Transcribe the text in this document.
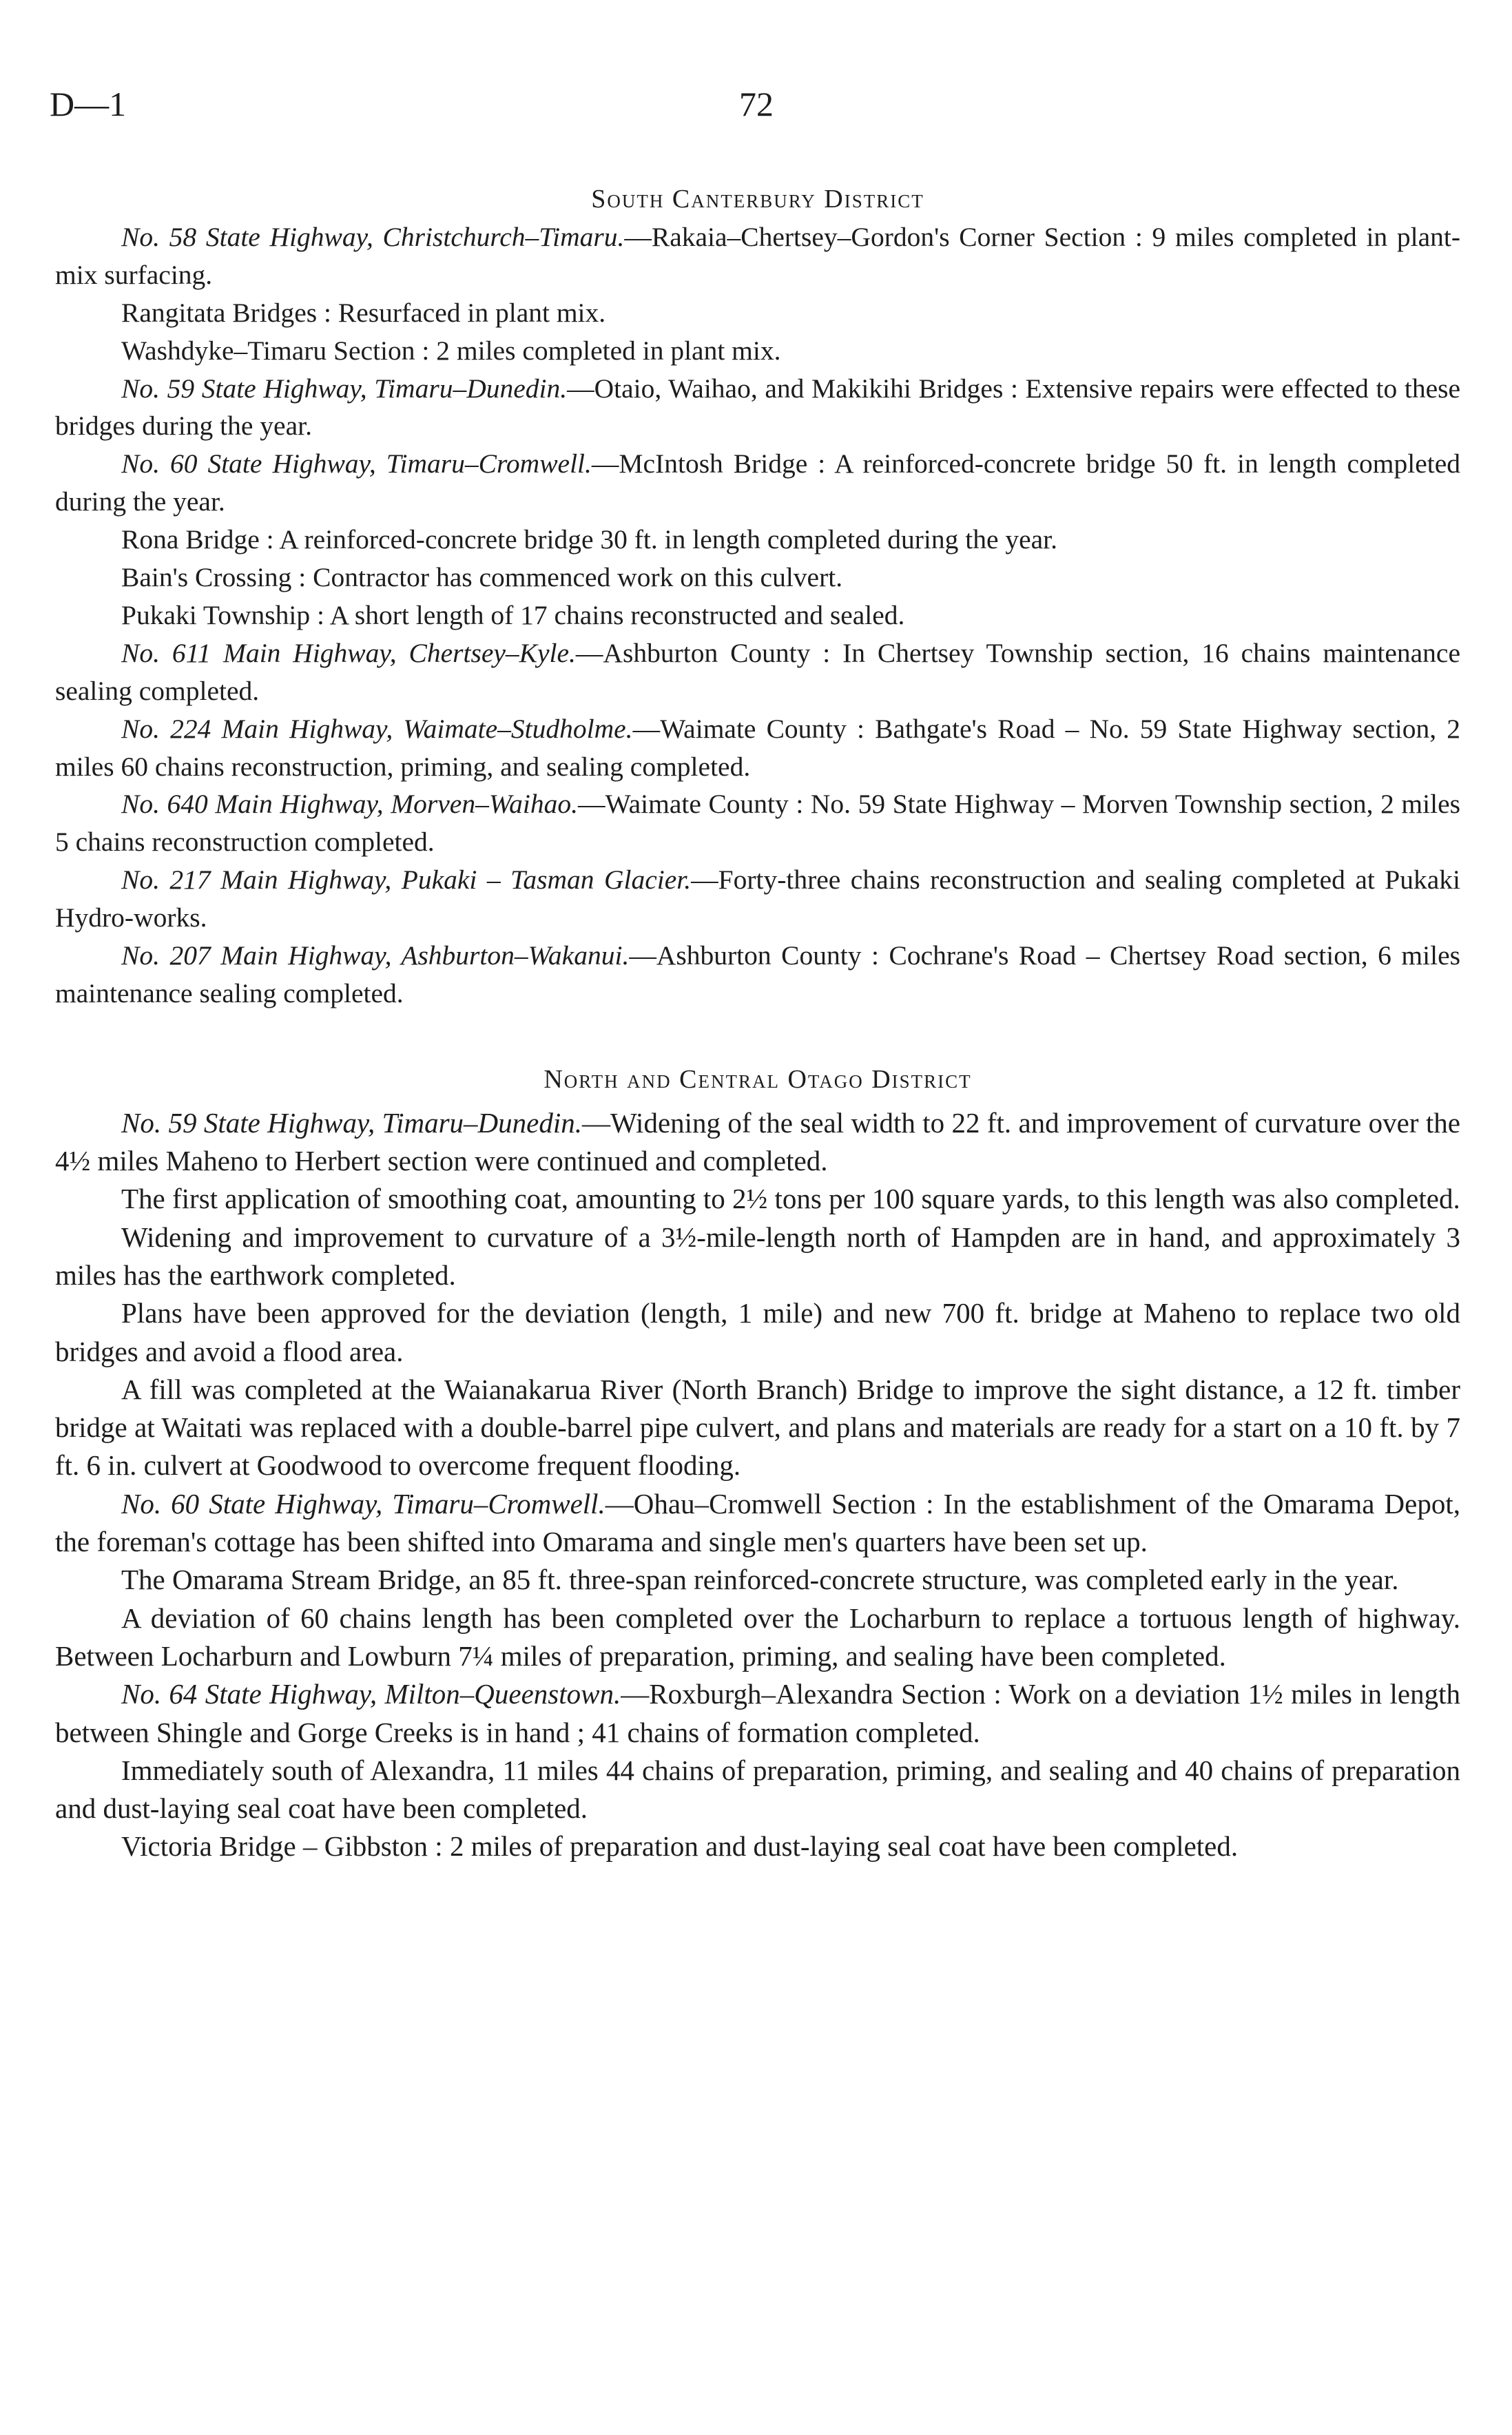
D—1	72
South Canterbury District

No. 58 State Highway, Christchurch–Timaru.—Rakaia–Chertsey–Gordon's Corner Section : 9 miles completed in plant-mix surfacing.

Rangitata Bridges : Resurfaced in plant mix.

Washdyke–Timaru Section : 2 miles completed in plant mix.

No. 59 State Highway, Timaru–Dunedin.—Otaio, Waihao, and Makikihi Bridges : Extensive repairs were effected to these bridges during the year.

No. 60 State Highway, Timaru–Cromwell.—McIntosh Bridge : A reinforced-concrete bridge 50 ft. in length completed during the year.

Rona Bridge : A reinforced-concrete bridge 30 ft. in length completed during the year.

Bain's Crossing : Contractor has commenced work on this culvert.

Pukaki Township : A short length of 17 chains reconstructed and sealed.

No. 611 Main Highway, Chertsey–Kyle.—Ashburton County : In Chertsey Township section, 16 chains maintenance sealing completed.

No. 224 Main Highway, Waimate–Studholme.—Waimate County : Bathgate's Road – No. 59 State Highway section, 2 miles 60 chains reconstruction, priming, and sealing completed.

No. 640 Main Highway, Morven–Waihao.—Waimate County : No. 59 State Highway – Morven Township section, 2 miles 5 chains reconstruction completed.

No. 217 Main Highway, Pukaki – Tasman Glacier.—Forty-three chains reconstruction and sealing completed at Pukaki Hydro-works.

No. 207 Main Highway, Ashburton–Wakanui.—Ashburton County : Cochrane's Road – Chertsey Road section, 6 miles maintenance sealing completed.

North and Central Otago District

No. 59 State Highway, Timaru–Dunedin.—Widening of the seal width to 22 ft. and improvement of curvature over the 4½ miles Maheno to Herbert section were continued and completed.

The first application of smoothing coat, amounting to 2½ tons per 100 square yards, to this length was also completed.

Widening and improvement to curvature of a 3½-mile-length north of Hampden are in hand, and approximately 3 miles has the earthwork completed.

Plans have been approved for the deviation (length, 1 mile) and new 700 ft. bridge at Maheno to replace two old bridges and avoid a flood area.

A fill was completed at the Waianakarua River (North Branch) Bridge to improve the sight distance, a 12 ft. timber bridge at Waitati was replaced with a double-barrel pipe culvert, and plans and materials are ready for a start on a 10 ft. by 7 ft. 6 in. culvert at Goodwood to overcome frequent flooding.

No. 60 State Highway, Timaru–Cromwell.—Ohau–Cromwell Section : In the establishment of the Omarama Depot, the foreman's cottage has been shifted into Omarama and single men's quarters have been set up.

The Omarama Stream Bridge, an 85 ft. three-span reinforced-concrete structure, was completed early in the year.

A deviation of 60 chains length has been completed over the Locharburn to replace a tortuous length of highway. Between Locharburn and Lowburn 7¼ miles of preparation, priming, and sealing have been completed.

No. 64 State Highway, Milton–Queenstown.—Roxburgh–Alexandra Section : Work on a deviation 1½ miles in length between Shingle and Gorge Creeks is in hand ; 41 chains of formation completed.

Immediately south of Alexandra, 11 miles 44 chains of preparation, priming, and sealing and 40 chains of preparation and dust-laying seal coat have been completed.

Victoria Bridge – Gibbston : 2 miles of preparation and dust-laying seal coat have been completed.
